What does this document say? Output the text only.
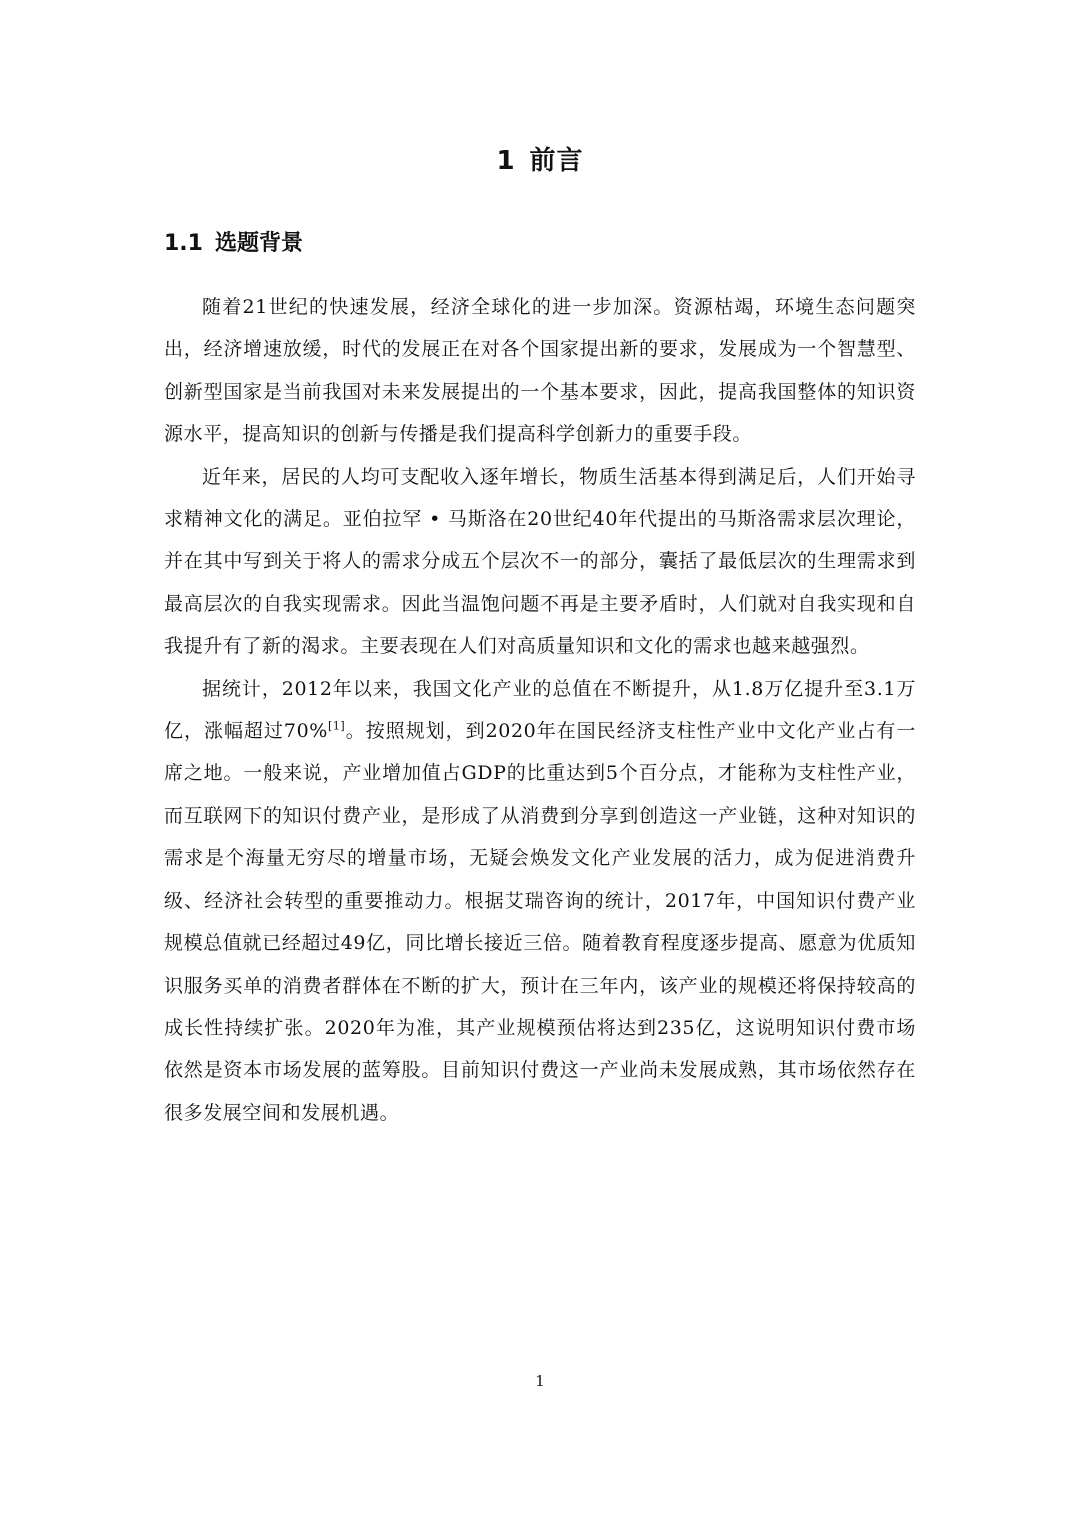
1 前言
1.1 选题背景

随着21世纪的快速发展，经济全球化的进一步加深。资源枯竭，环境生态问题突出，经济增速放缓，时代的发展正在对各个国家提出新的要求，发展成为一个智慧型、创新型国家是当前我国对未来发展提出的一个基本要求，因此，提高我国整体的知识资源水平，提高知识的创新与传播是我们提高科学创新力的重要手段。

近年来，居民的人均可支配收入逐年增长，物质生活基本得到满足后，人们开始寻求精神文化的满足。亚伯拉罕 • 马斯洛在20世纪40年代提出的马斯洛需求层次理论，并在其中写到关于将人的需求分成五个层次不一的部分，囊括了最低层次的生理需求到最高层次的自我实现需求。因此当温饱问题不再是主要矛盾时，人们就对自我实现和自我提升有了新的渴求。主要表现在人们对高质量知识和文化的需求也越来越强烈。

据统计，2012年以来，我国文化产业的总值在不断提升，从1.8万亿提升至3.1万亿，涨幅超过70%[1]。按照规划，到2020年在国民经济支柱性产业中文化产业占有一席之地。一般来说，产业增加值占GDP的比重达到5个百分点，才能称为支柱性产业，而互联网下的知识付费产业，是形成了从消费到分享到创造这一产业链，这种对知识的需求是个海量无穷尽的增量市场，无疑会焕发文化产业发展的活力，成为促进消费升级、经济社会转型的重要推动力。根据艾瑞咨询的统计，2017年，中国知识付费产业规模总值就已经超过49亿，同比增长接近三倍。随着教育程度逐步提高、愿意为优质知识服务买单的消费者群体在不断的扩大，预计在三年内，该产业的规模还将保持较高的成长性持续扩张。2020年为准，其产业规模预估将达到235亿，这说明知识付费市场依然是资本市场发展的蓝筹股。目前知识付费这一产业尚未发展成熟，其市场依然存在很多发展空间和发展机遇。

1
